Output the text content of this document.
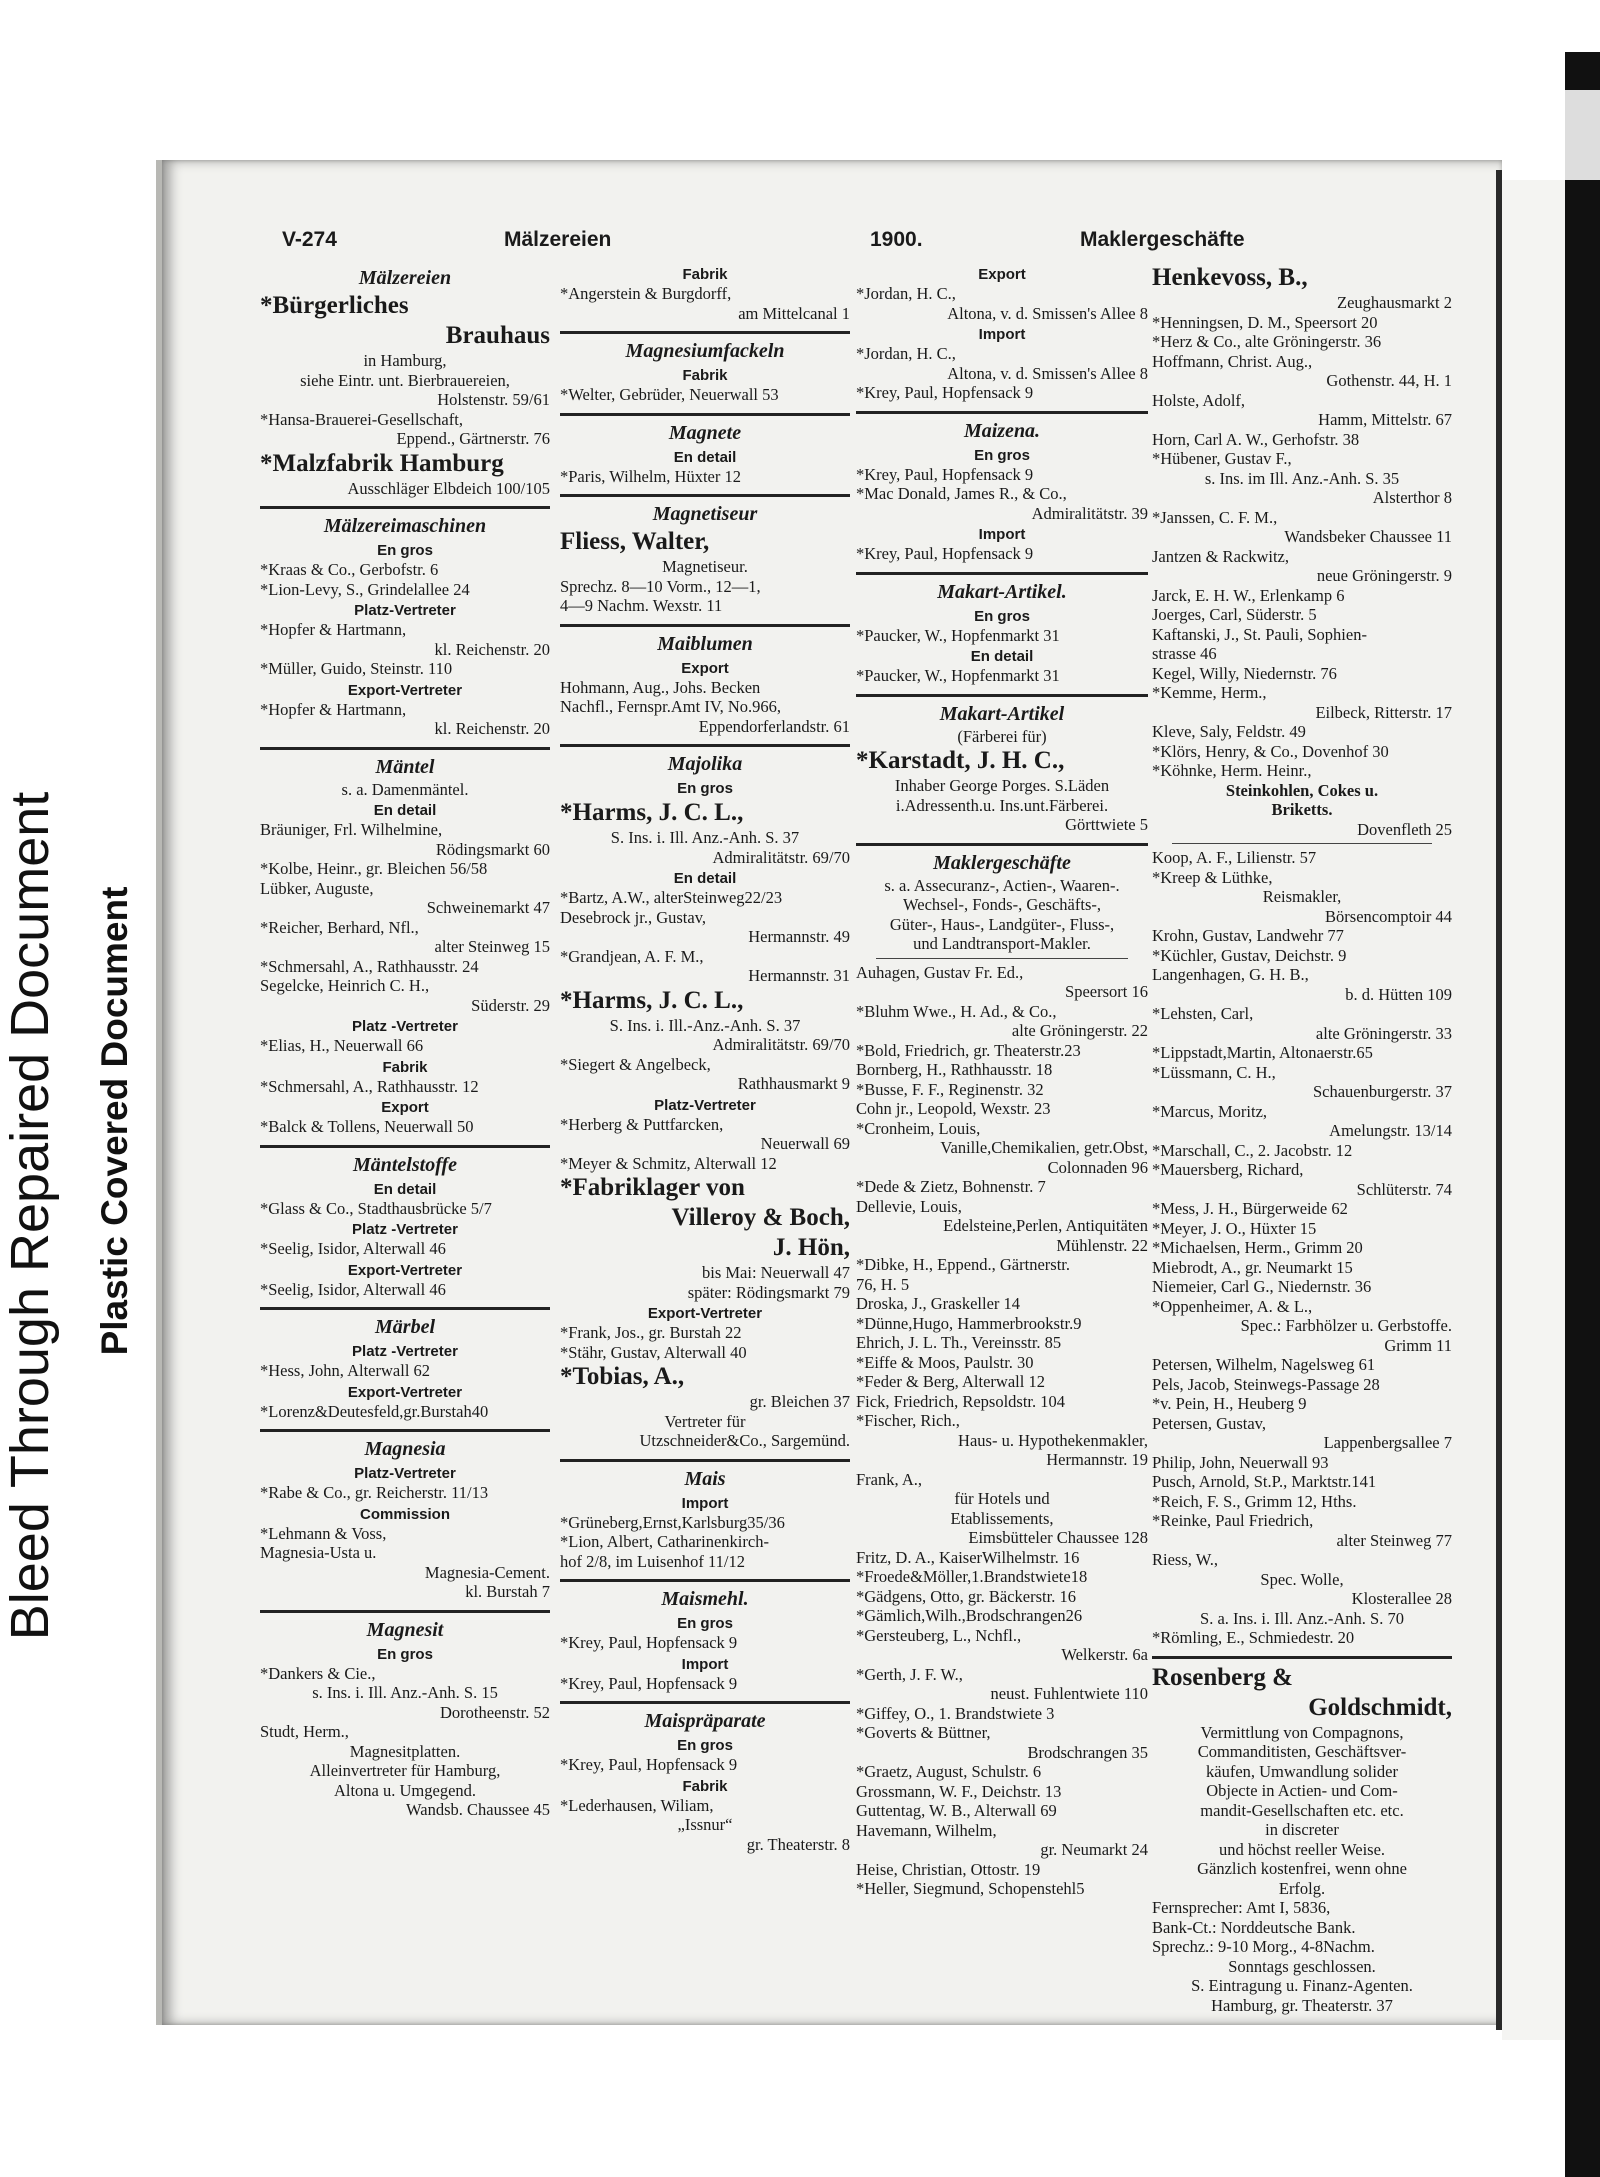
Bleed Through Repaired Document Plastic Covered Document
V-274	Mälzereien	1900.	Maklergeschäfte
Mälzereien
*Bürgerliches
Brauhaus
in Hamburg,
siehe Eintr. unt. Bierbrauereien,
Holstenstr. 59/61
*Hansa-Brauerei-Gesellschaft,
Eppend., Gärtnerstr. 76
*Malzfabrik Hamburg
Ausschläger Elbdeich 100/105
Mälzereimaschinen
En gros
*Kraas & Co., Gerbofstr. 6
*Lion-Levy, S., Grindelallee 24
Platz-Vertreter
*Hopfer & Hartmann,
kl. Reichenstr. 20
*Müller, Guido, Steinstr. 110
Export-Vertreter
*Hopfer & Hartmann,
kl. Reichenstr. 20
Mäntel
s. a. Damenmäntel.
En detail
Bräuniger, Frl. Wilhelmine,
Rödingsmarkt 60
*Kolbe, Heinr., gr. Bleichen 56/58
Lübker, Auguste,
Schweinemarkt 47
*Reicher, Berhard, Nfl.,
alter Steinweg 15
*Schmersahl, A., Rathhausstr. 24
Segelcke, Heinrich C. H.,
Süderstr. 29
Platz -Vertreter
*Elias, H., Neuerwall 66
Fabrik
*Schmersahl, A., Rathhausstr. 12
Export
*Balck & Tollens, Neuerwall 50
Mäntelstoffe
En detail
*Glass & Co., Stadthausbrücke 5/7
Platz -Vertreter
*Seelig, Isidor, Alterwall 46
Export-Vertreter
*Seelig, Isidor, Alterwall 46
Märbel
Platz -Vertreter
*Hess, John, Alterwall 62
Export-Vertreter
*Lorenz&Deutesfeld,gr.Burstah40
Magnesia
Platz-Vertreter
*Rabe & Co., gr. Reicherstr. 11/13
Commission
*Lehmann & Voss,
Magnesia-Usta u.
Magnesia-Cement.
kl. Burstah 7
Magnesit
En gros
*Dankers & Cie.,
s. Ins. i. Ill. Anz.-Anh. S. 15
Dorotheenstr. 52
Studt, Herm.,
Magnesitplatten.
Alleinvertreter für Hamburg,
Altona u. Umgegend.
Wandsb. Chaussee 45
Fabrik
*Angerstein & Burgdorff,
am Mittelcanal 1
Magnesiumfackeln
Fabrik
*Welter, Gebrüder, Neuerwall 53
Magnete
En detail
*Paris, Wilhelm, Hüxter 12
Magnetiseur
Fliess, Walter,
Magnetiseur.
Sprechz. 8—10 Vorm., 12—1,
4—9 Nachm. Wexstr. 11
Maiblumen
Export
Hohmann, Aug., Johs. Becken
Nachfl., Fernspr.Amt IV, No.966,
Eppendorferlandstr. 61
Majolika
En gros
*Harms, J. C. L.,
S. Ins. i. Ill. Anz.-Anh. S. 37
Admiralitätstr. 69/70
En detail
*Bartz, A.W., alterSteinweg22/23
Desebrock jr., Gustav,
Hermannstr. 49
*Grandjean, A. F. M.,
Hermannstr. 31
*Harms, J. C. L.,
S. Ins. i. Ill.-Anz.-Anh. S. 37
Admiralitätstr. 69/70
*Siegert & Angelbeck,
Rathhausmarkt 9
Platz-Vertreter
*Herberg & Puttfarcken,
Neuerwall 69
*Meyer & Schmitz, Alterwall 12
*Fabriklager von
Villeroy & Boch,
J. Hön,
bis Mai: Neuerwall 47
später: Rödingsmarkt 79
Export-Vertreter
*Frank, Jos., gr. Burstah 22
*Stähr, Gustav, Alterwall 40
*Tobias, A.,
gr. Bleichen 37
Vertreter für
Utzschneider&Co., Sargemünd.
Mais
Import
*Grüneberg,Ernst,Karlsburg35/36
*Lion, Albert, Catharinenkirch-
hof 2/8, im Luisenhof 11/12
Maismehl.
En gros
*Krey, Paul, Hopfensack 9
Import
*Krey, Paul, Hopfensack 9
Maispräparate
En gros
*Krey, Paul, Hopfensack 9
Fabrik
*Lederhausen, Wiliam,
„Issnur“
gr. Theaterstr. 8
Export
*Jordan, H. C.,
Altona, v. d. Smissen's Allee 8
Import
*Jordan, H. C.,
Altona, v. d. Smissen's Allee 8
*Krey, Paul, Hopfensack 9
Maizena.
En gros
*Krey, Paul, Hopfensack 9
*Mac Donald, James R., & Co.,
Admiralitätstr. 39
Import
*Krey, Paul, Hopfensack 9
Makart-Artikel.
En gros
*Paucker, W., Hopfenmarkt 31
En detail
*Paucker, W., Hopfenmarkt 31
Makart-Artikel
(Färberei für)
*Karstadt, J. H. C.,
Inhaber George Porges. S.Läden
i.Adressenth.u. Ins.unt.Färberei.
Görttwiete 5
Maklergeschäfte
s. a. Assecuranz-, Actien-, Waaren-.
Wechsel-, Fonds-, Geschäfts-,
Güter-, Haus-, Landgüter-, Fluss-,
und Landtransport-Makler.
Auhagen, Gustav Fr. Ed.,
Speersort 16
*Bluhm Wwe., H. Ad., & Co.,
alte Gröningerstr. 22
*Bold, Friedrich, gr. Theaterstr.23
Bornberg, H., Rathhausstr. 18
*Busse, F. F., Reginenstr. 32
Cohn jr., Leopold, Wexstr. 23
*Cronheim, Louis,
Vanille,Chemikalien, getr.Obst,
Colonnaden 96
*Dede & Zietz, Bohnenstr. 7
Dellevie, Louis,
Edelsteine,Perlen, Antiquitäten
Mühlenstr. 22
*Dibke, H., Eppend., Gärtnerstr.
76, H. 5
Droska, J., Graskeller 14
*Dünne,Hugo, Hammerbrookstr.9
Ehrich, J. L. Th., Vereinsstr. 85
*Eiffe & Moos, Paulstr. 30
*Feder & Berg, Alterwall 12
Fick, Friedrich, Repsoldstr. 104
*Fischer, Rich.,
Haus- u. Hypothekenmakler,
Hermannstr. 19
Frank, A.,
für Hotels und
Etablissements,
Eimsbütteler Chaussee 128
Fritz, D. A., KaiserWilhelmstr. 16
*Froede&Möller,1.Brandstwiete18
*Gädgens, Otto, gr. Bäckerstr. 16
*Gämlich,Wilh.,Brodschrangen26
*Gersteuberg, L., Nchfl.,
Welkerstr. 6a
*Gerth, J. F. W.,
neust. Fuhlentwiete 110
*Giffey, O., 1. Brandstwiete 3
*Goverts & Büttner,
Brodschrangen 35
*Graetz, August, Schulstr. 6
Grossmann, W. F., Deichstr. 13
Guttentag, W. B., Alterwall 69
Havemann, Wilhelm,
gr. Neumarkt 24
Heise, Christian, Ottostr. 19
*Heller, Siegmund, Schopenstehl5
Henkevoss, B.,
Zeughausmarkt 2
*Henningsen, D. M., Speersort 20
*Herz & Co., alte Gröningerstr. 36
Hoffmann, Christ. Aug.,
Gothenstr. 44, H. 1
Holste, Adolf,
Hamm, Mittelstr. 67
Horn, Carl A. W., Gerhofstr. 38
*Hübener, Gustav F.,
s. Ins. im Ill. Anz.-Anh. S. 35
Alsterthor 8
*Janssen, C. F. M.,
Wandsbeker Chaussee 11
Jantzen & Rackwitz,
neue Gröningerstr. 9
Jarck, E. H. W., Erlenkamp 6
Joerges, Carl, Süderstr. 5
Kaftanski, J., St. Pauli, Sophien-
strasse 46
Kegel, Willy, Niedernstr. 76
*Kemme, Herm.,
Eilbeck, Ritterstr. 17
Kleve, Saly, Feldstr. 49
*Klörs, Henry, & Co., Dovenhof 30
*Köhnke, Herm. Heinr.,
Steinkohlen, Cokes u.
Briketts.
Dovenfleth 25
Koop, A. F., Lilienstr. 57
*Kreep & Lüthke,
Reismakler,
Börsencomptoir 44
Krohn, Gustav, Landwehr 77
*Küchler, Gustav, Deichstr. 9
Langenhagen, G. H. B.,
b. d. Hütten 109
*Lehsten, Carl,
alte Gröningerstr. 33
*Lippstadt,Martin, Altonaerstr.65
*Lüssmann, C. H.,
Schauenburgerstr. 37
*Marcus, Moritz,
Amelungstr. 13/14
*Marschall, C., 2. Jacobstr. 12
*Mauersberg, Richard,
Schlüterstr. 74
*Mess, J. H., Bürgerweide 62
*Meyer, J. O., Hüxter 15
*Michaelsen, Herm., Grimm 20
Miebrodt, A., gr. Neumarkt 15
Niemeier, Carl G., Niedernstr. 36
*Oppenheimer, A. & L.,
Spec.: Farbhölzer u. Gerbstoffe.
Grimm 11
Petersen, Wilhelm, Nagelsweg 61
Pels, Jacob, Steinwegs-Passage 28
*v. Pein, H., Heuberg 9
Petersen, Gustav,
Lappenbergsallee 7
Philip, John, Neuerwall 93
Pusch, Arnold, St.P., Marktstr.141
*Reich, F. S., Grimm 12, Hths.
*Reinke, Paul Friedrich,
alter Steinweg 77
Riess, W.,
Spec. Wolle,
Klosterallee 28
S. a. Ins. i. Ill. Anz.-Anh. S. 70
*Römling, E., Schmiedestr. 20
Rosenberg &
Goldschmidt,
Vermittlung von Compagnons,
Commanditisten, Geschäftsver-
käufen, Umwandlung solider
Objecte in Actien- und Com-
mandit-Gesellschaften etc. etc.
in discreter
und höchst reeller Weise.
Gänzlich kostenfrei, wenn ohne
Erfolg.
Fernsprecher: Amt I, 5836,
Bank-Ct.: Norddeutsche Bank.
Sprechz.: 9-10 Morg., 4-8Nachm.
Sonntags geschlossen.
S. Eintragung u. Finanz-Agenten.
Hamburg, gr. Theaterstr. 37
